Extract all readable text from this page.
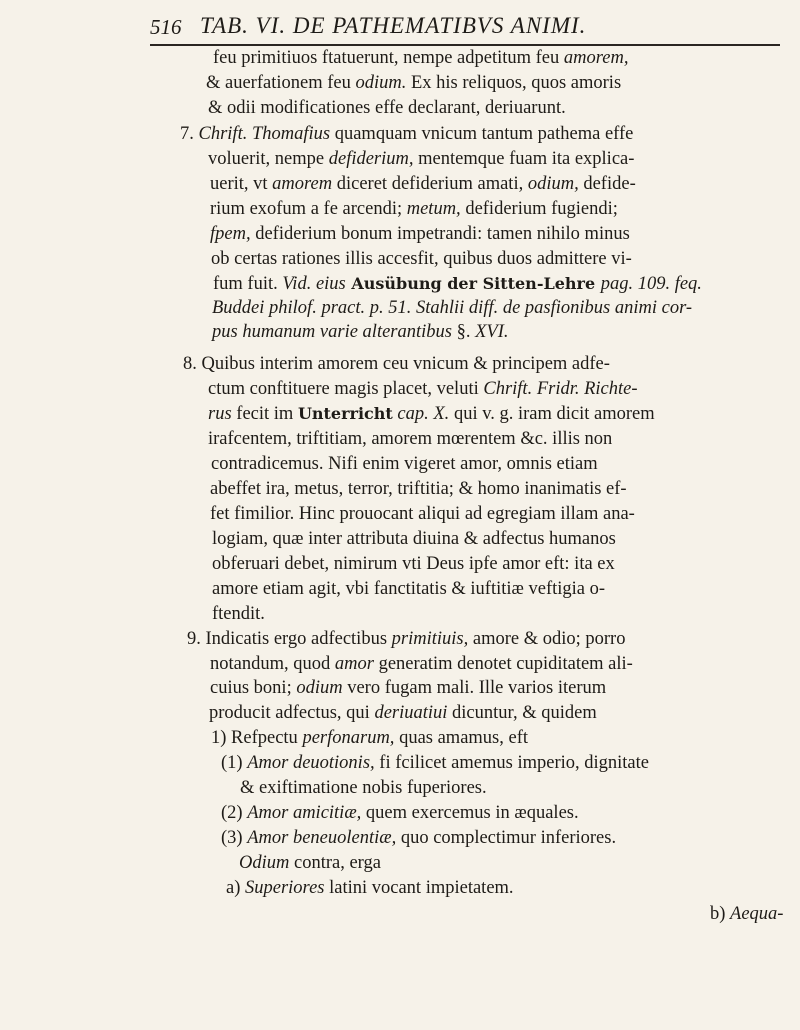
516 TAB. VI. DE PATHEMATIBVS ANIMI.
feu primitiuos ftatuerunt, nempe adpetitum feu amorem,
& auerfationem feu odium. Ex his reliquos, quos amoris
& odii modificationes effe declarant, deriuarunt.
7. Chrift. Thomafius quamquam vnicum tantum pathema effe
voluerit, nempe defiderium, mentemque fuam ita explica-
uerit, vt amorem diceret defiderium amati, odium, defide-
rium exofum a fe arcendi; metum, defiderium fugiendi;
fpem, defiderium bonum impetrandi: tamen nihilo minus
ob certas rationes illis accesfit, quibus duos admittere vi-
fum fuit. Vid. eius Ausübung der Sitten-Lehre pag. 109. feq.
Buddei philof. pract. p. 51. Stahlii diff. de pasfionibus animi cor-
pus humanum varie alterantibus §. XVI.
8. Quibus interim amorem ceu vnicum & principem adfe-
ctum conftituere magis placet, veluti Chrift. Fridr. Richte-
rus fecit im Unterricht cap. X. qui v. g. iram dicit amorem
irafcentem, triftitiam, amorem mœrentem &c. illis non
contradicemus. Nifi enim vigeret amor, omnis etiam
abeffet ira, metus, terror, triftitia; & homo inanimatis ef-
fet fimilior. Hinc prouocant aliqui ad egregiam illam ana-
logiam, quæ inter attributa diuina & adfectus humanos
obferuari debet, nimirum vti Deus ipfe amor eft: ita ex
amore etiam agit, vbi fanctitatis & iuftitiæ veftigia o-
ftendit.
9. Indicatis ergo adfectibus primitiuis, amore & odio; porro
notandum, quod amor generatim denotet cupiditatem ali-
cuius boni; odium vero fugam mali. Ille varios iterum
producit adfectus, qui deriuatiui dicuntur, & quidem
1) Refpectu perfonarum, quas amamus, eft
(1) Amor deuotionis, fi fcilicet amemus imperio, dignitate
& exiftimatione nobis fuperiores.
(2) Amor amicitiæ, quem exercemus in æquales.
(3) Amor beneuolentiæ, quo complectimur inferiores.
Odium contra, erga
a) Superiores latini vocant impietatem.
b) Aequa-
